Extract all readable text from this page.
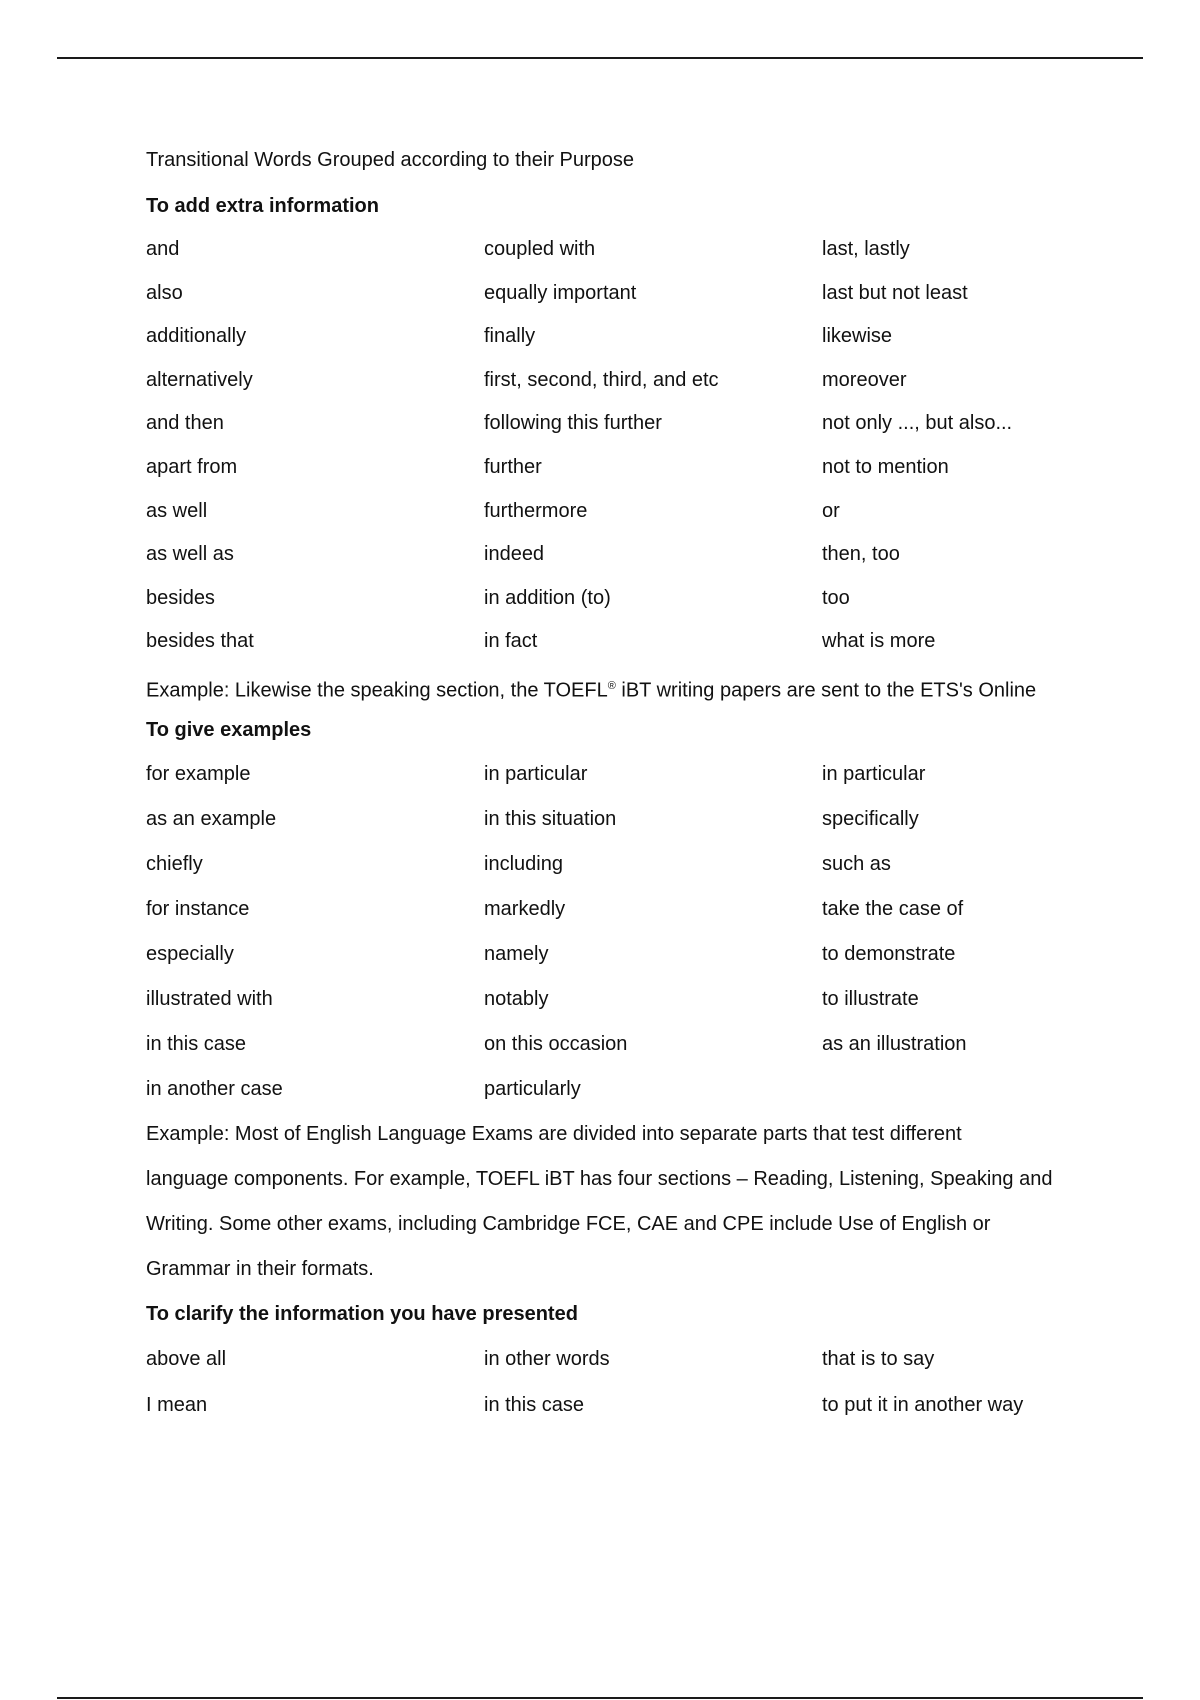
Transitional Words Grouped according to their Purpose
To add extra information
and	coupled with	last, lastly
also	equally important	last but not least
additionally	finally	likewise
alternatively	first, second, third, and etc	moreover
and then	following this further	not only ..., but also...
apart from	further	not to mention
as well	furthermore	or
as well as	indeed	then, too
besides	in addition (to)	too
besides that	in fact	what is more
Example: Likewise the speaking section, the TOEFL® iBT writing papers are sent to the ETS's Online
To give examples
for example	in particular	in particular
as an example	in this situation	specifically
chiefly	including	such as
for instance	markedly	take the case of
especially	namely	to demonstrate
illustrated with	notably	to illustrate
in this case	on this occasion	as an illustration
in another case	particularly
Example: Most of English Language Exams are divided into separate parts that test different
language components. For example, TOEFL iBT has four sections – Reading, Listening, Speaking and
Writing. Some other exams, including Cambridge FCE, CAE and CPE include Use of English or
Grammar in their formats.
To clarify the information you have presented
above all	in other words	that is to say
I mean	in this case	to put it in another way
